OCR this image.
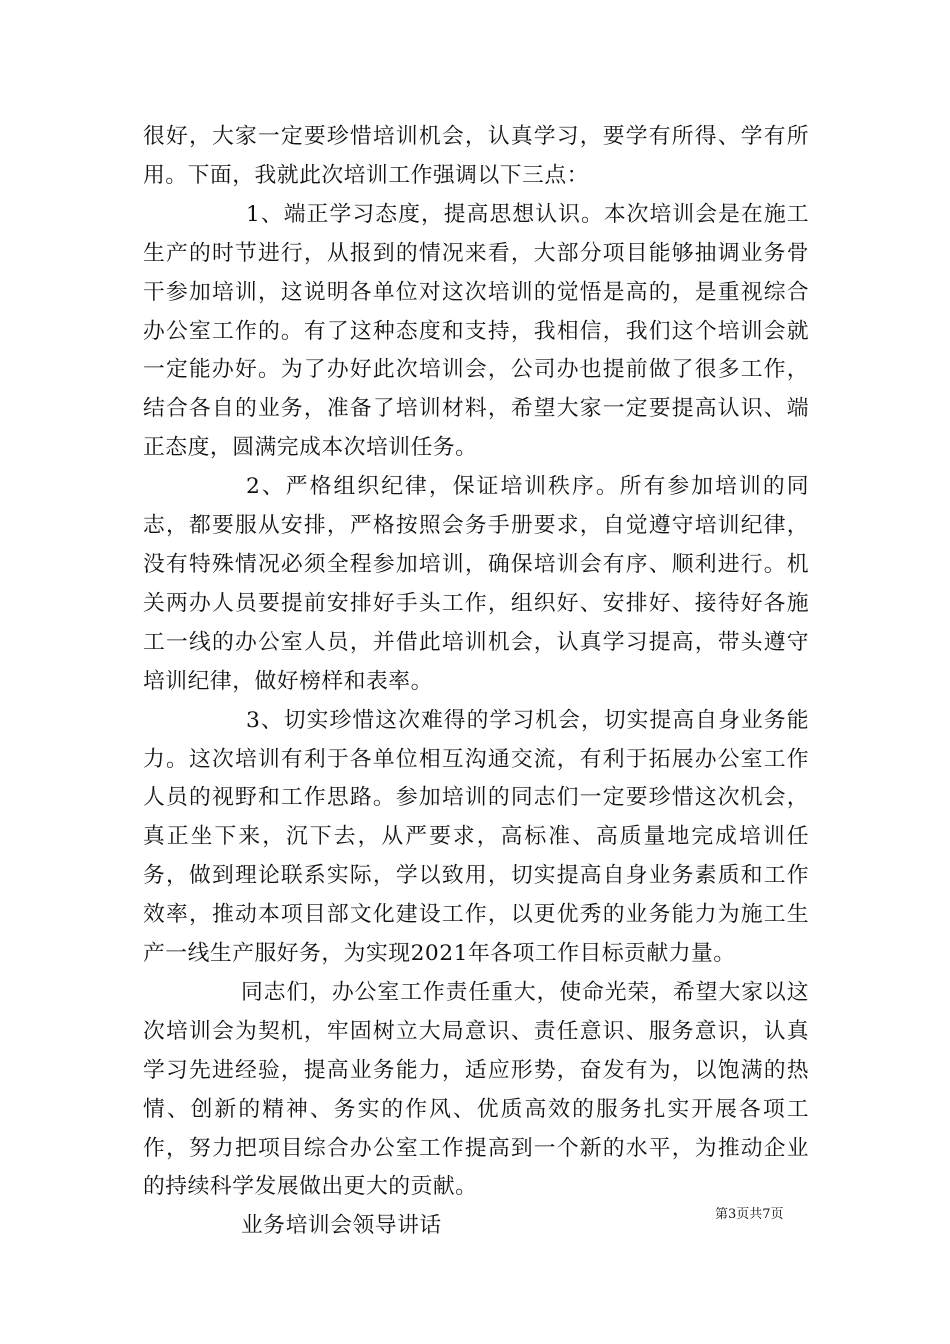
很好，大家一定要珍惜培训机会，认真学习，要学有所得、学有所用。下面，我就此次培训工作强调以下三点：

1、端正学习态度，提高思想认识。本次培训会是在施工生产的时节进行，从报到的情况来看，大部分项目能够抽调业务骨干参加培训，这说明各单位对这次培训的觉悟是高的，是重视综合办公室工作的。有了这种态度和支持，我相信，我们这个培训会就一定能办好。为了办好此次培训会，公司办也提前做了很多工作，结合各自的业务，准备了培训材料，希望大家一定要提高认识、端正态度，圆满完成本次培训任务。

2、严格组织纪律，保证培训秩序。所有参加培训的同志，都要服从安排，严格按照会务手册要求，自觉遵守培训纪律，没有特殊情况必须全程参加培训，确保培训会有序、顺利进行。机关两办人员要提前安排好手头工作，组织好、安排好、接待好各施工一线的办公室人员，并借此培训机会，认真学习提高，带头遵守培训纪律，做好榜样和表率。

3、切实珍惜这次难得的学习机会，切实提高自身业务能力。这次培训有利于各单位相互沟通交流，有利于拓展办公室工作人员的视野和工作思路。参加培训的同志们一定要珍惜这次机会，真正坐下来，沉下去，从严要求，高标准、高质量地完成培训任务，做到理论联系实际，学以致用，切实提高自身业务素质和工作效率，推动本项目部文化建设工作，以更优秀的业务能力为施工生产一线生产服好务，为实现2021年各项工作目标贡献力量。

同志们，办公室工作责任重大，使命光荣，希望大家以这次培训会为契机，牢固树立大局意识、责任意识、服务意识，认真学习先进经验，提高业务能力，适应形势，奋发有为，以饱满的热情、创新的精神、务实的作风、优质高效的服务扎实开展各项工作，努力把项目综合办公室工作提高到一个新的水平，为推动企业的持续科学发展做出更大的贡献。

业务培训会领导讲话	第3页共7页
